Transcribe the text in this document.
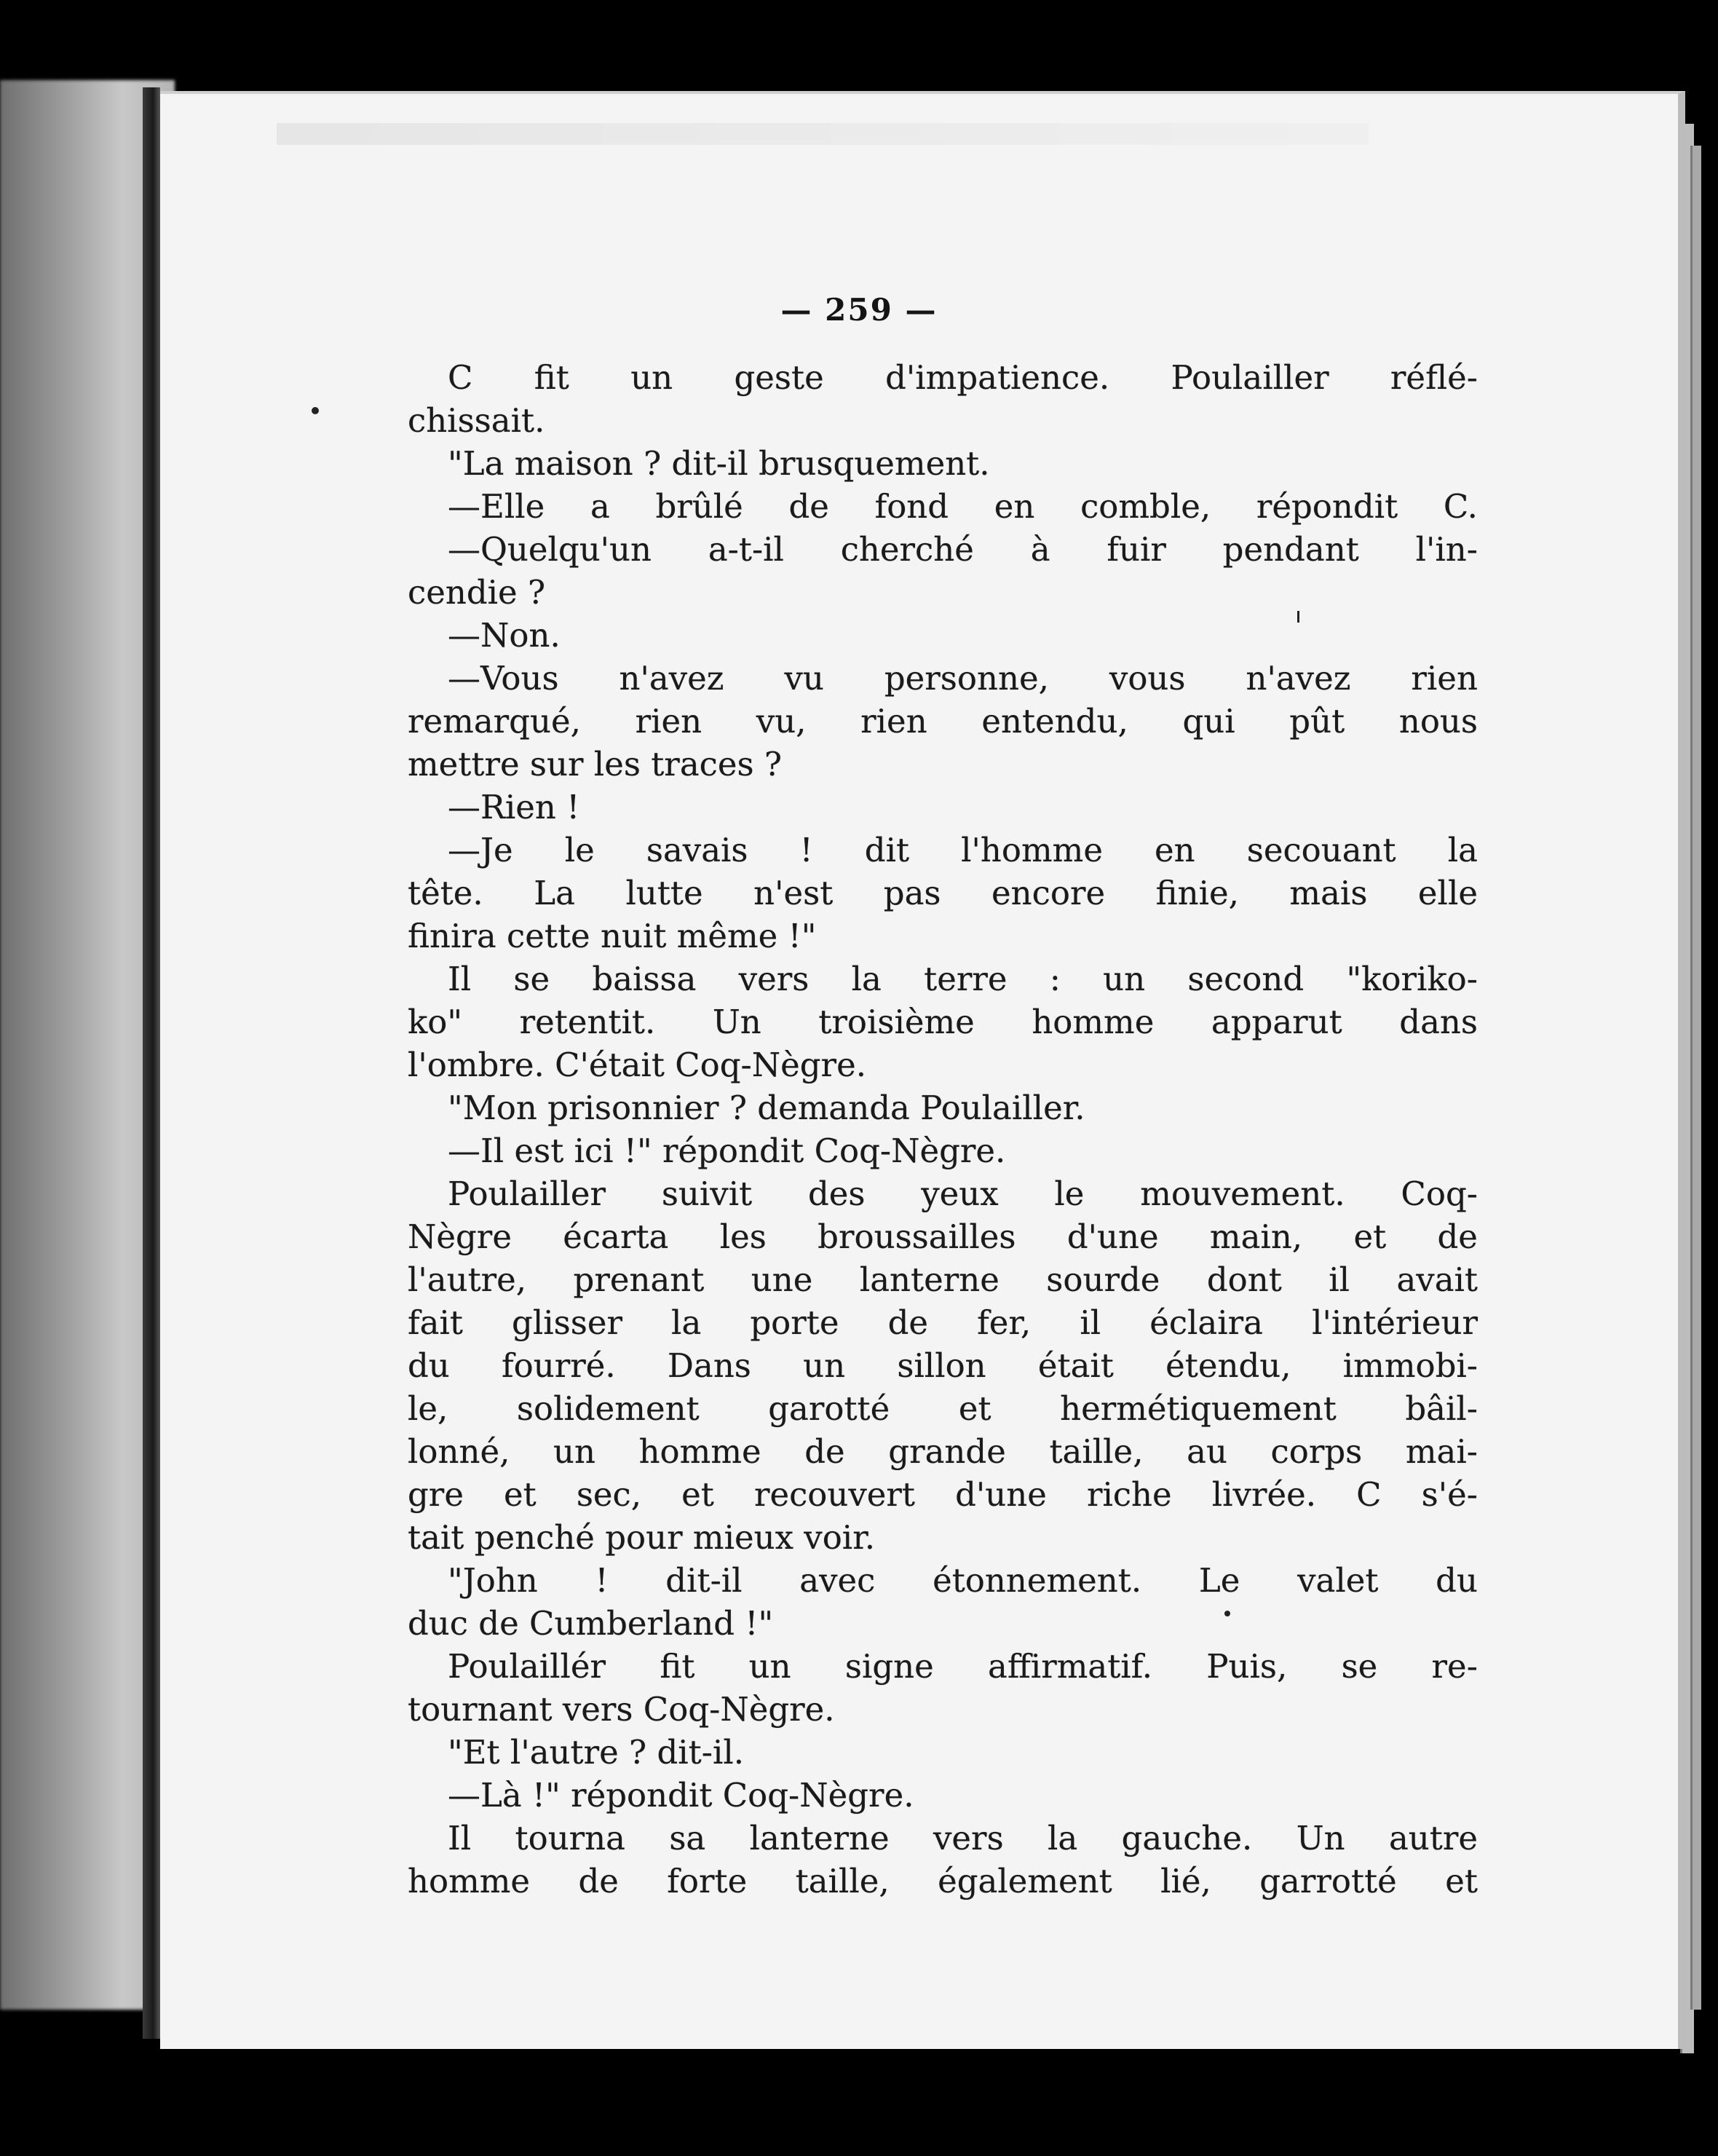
— 259 —
C fit un geste d'impatience. Poulailler réflé-
chissait.
"La maison ? dit-il brusquement.
—Elle a brûlé de fond en comble, répondit C.
—Quelqu'un a-t-il cherché à fuir pendant l'in-
cendie ?
—Non.
—Vous n'avez vu personne, vous n'avez rien
remarqué, rien vu, rien entendu, qui pût nous
mettre sur les traces ?
—Rien !
—Je le savais ! dit l'homme en secouant la
tête. La lutte n'est pas encore finie, mais elle
finira cette nuit même !"
Il se baissa vers la terre : un second "koriko-
ko" retentit. Un troisième homme apparut dans
l'ombre. C'était Coq-Nègre.
"Mon prisonnier ? demanda Poulailler.
—Il est ici !" répondit Coq-Nègre.
Poulailler suivit des yeux le mouvement. Coq-
Nègre écarta les broussailles d'une main, et de
l'autre, prenant une lanterne sourde dont il avait
fait glisser la porte de fer, il éclaira l'intérieur
du fourré. Dans un sillon était étendu, immobi-
le, solidement garotté et hermétiquement bâil-
lonné, un homme de grande taille, au corps mai-
gre et sec, et recouvert d'une riche livrée. C s'é-
tait penché pour mieux voir.
"John ! dit-il avec étonnement. Le valet du
duc de Cumberland !"
Poulaillér fit un signe affirmatif. Puis, se re-
tournant vers Coq-Nègre.
"Et l'autre ? dit-il.
—Là !" répondit Coq-Nègre.
Il tourna sa lanterne vers la gauche. Un autre
homme de forte taille, également lié, garrotté et
